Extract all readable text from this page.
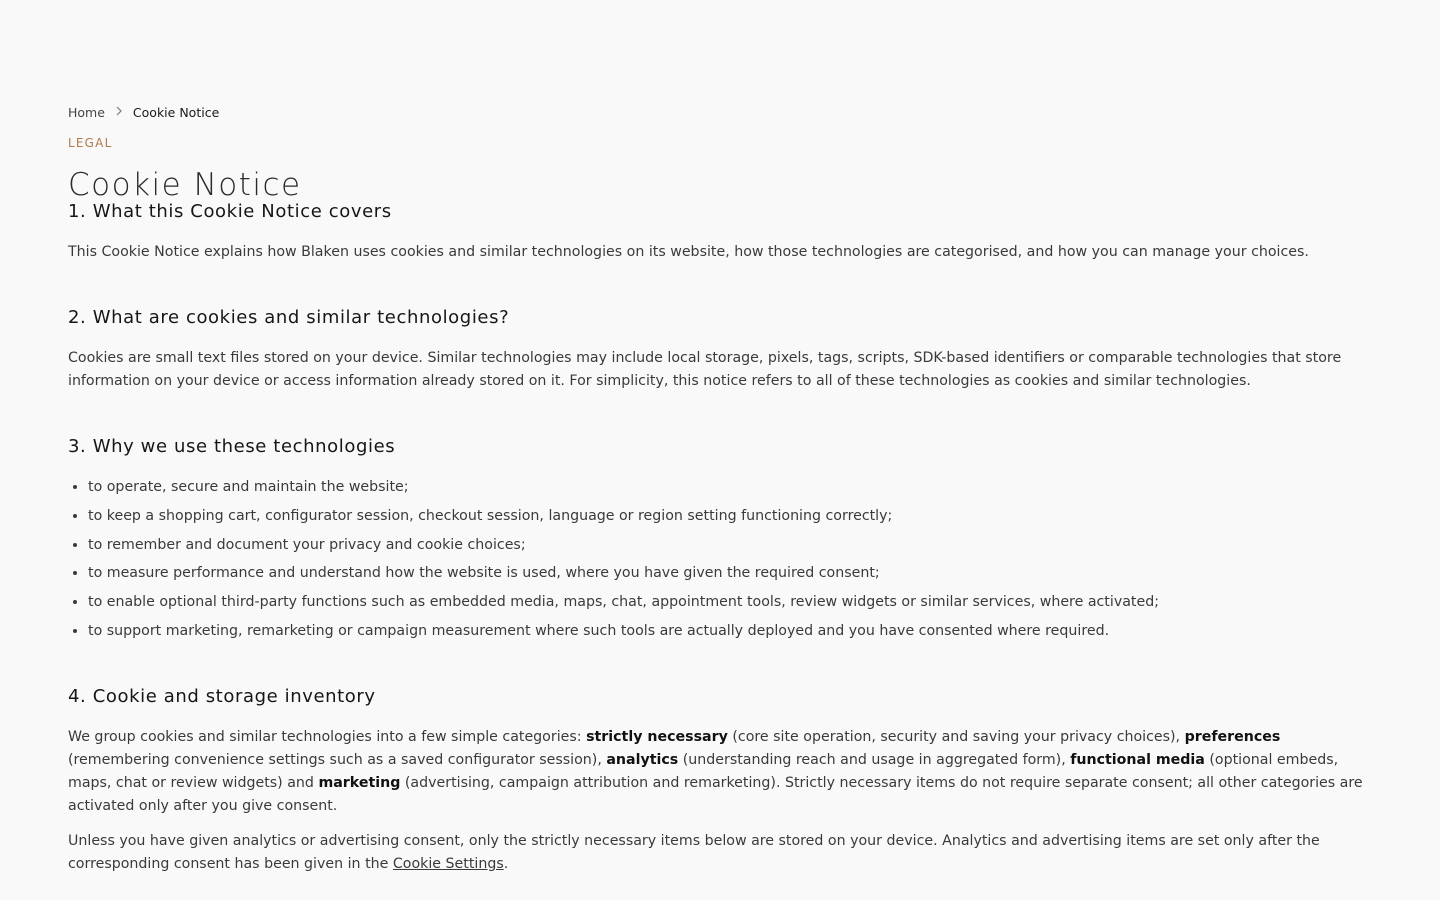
Home Cookie Notice
LEGAL
Cookie Notice
1. What this Cookie Notice covers

This Cookie Notice explains how Blaken uses cookies and similar technologies on its website, how those technologies are categorised, and how you can manage your choices.

2. What are cookies and similar technologies?

Cookies are small text files stored on your device. Similar technologies may include local storage, pixels, tags, scripts, SDK-based identifiers or comparable technologies that store information on your device or access information already stored on it. For simplicity, this notice refers to all of these technologies as cookies and similar technologies.

3. Why we use these technologies
• to operate, secure and maintain the website;
• to keep a shopping cart, configurator session, checkout session, language or region setting functioning correctly;
• to remember and document your privacy and cookie choices;
• to measure performance and understand how the website is used, where you have given the required consent;
• to enable optional third-party functions such as embedded media, maps, chat, appointment tools, review widgets or similar services, where activated;
• to support marketing, remarketing or campaign measurement where such tools are actually deployed and you have consented where required.
4. Cookie and storage inventory

We group cookies and similar technologies into a few simple categories: strictly necessary (core site operation, security and saving your privacy choices), preferences (remembering convenience settings such as a saved configurator session), analytics (understanding reach and usage in aggregated form), functional media (optional embeds, maps, chat or review widgets) and marketing (advertising, campaign attribution and remarketing). Strictly necessary items do not require separate consent; all other categories are activated only after you give consent.

Unless you have given analytics or advertising consent, only the strictly necessary items below are stored on your device. Analytics and advertising items are set only after the corresponding consent has been given in the Cookie Settings.
